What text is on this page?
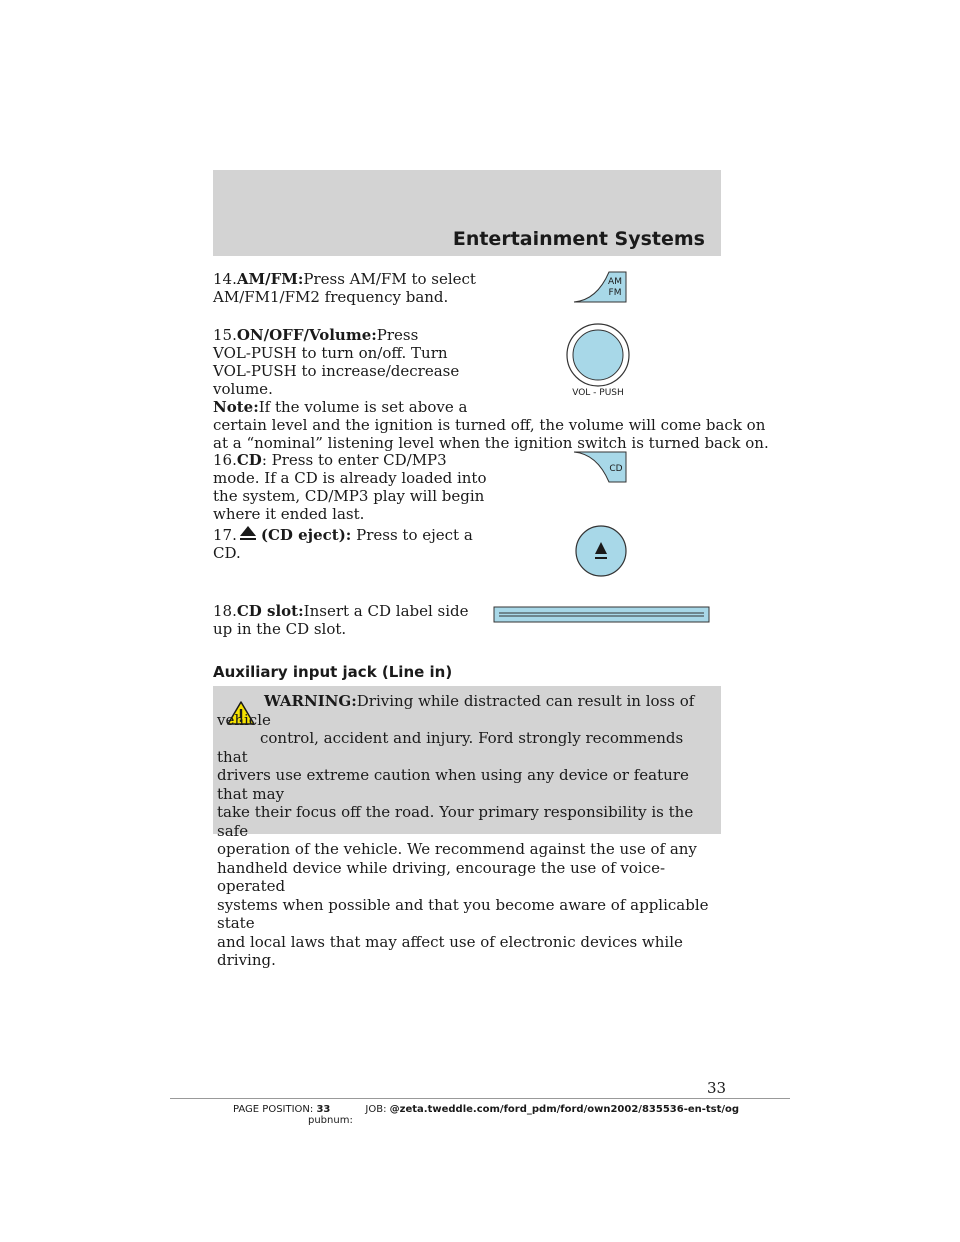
Entertainment Systems
14.AM/FM:Press AM/FM to select
AM/FM1/FM2 frequency band.
AM
FM
15.ON/OFF/Volume:Press
VOL-PUSH to turn on/off. Turn
VOL-PUSH to increase/decrease
volume.	VOL - PUSH
Note:If the volume is set above a
certain level and the ignition is turned off, the volume will come back on
at a “nominal” listening level when the ignition switch is turned back on.
16.CD: Press to enter CD/MP3
mode. If a CD is already loaded into
the system, CD/MP3 play will begin
where it ended last.
CD
17. (CD eject): Press to eject a
CD.
18.CD slot:Insert a CD label side
up in the CD slot.
Auxiliary input jack (Line in)
WARNING:Driving while distracted can result in loss of vehicle
control, accident and injury. Ford strongly recommends that
drivers use extreme caution when using any device or feature that may
take their focus off the road. Your primary responsibility is the safe
operation of the vehicle. We recommend against the use of any
handheld device while driving, encourage the use of voice-operated
systems when possible and that you become aware of applicable state
and local laws that may affect use of electronic devices while driving.
33
PAGE POSITION: 33	JOB: @zeta.tweddle.com/ford_pdm/ford/own2002/835536-en-tst/ogpubnum:
